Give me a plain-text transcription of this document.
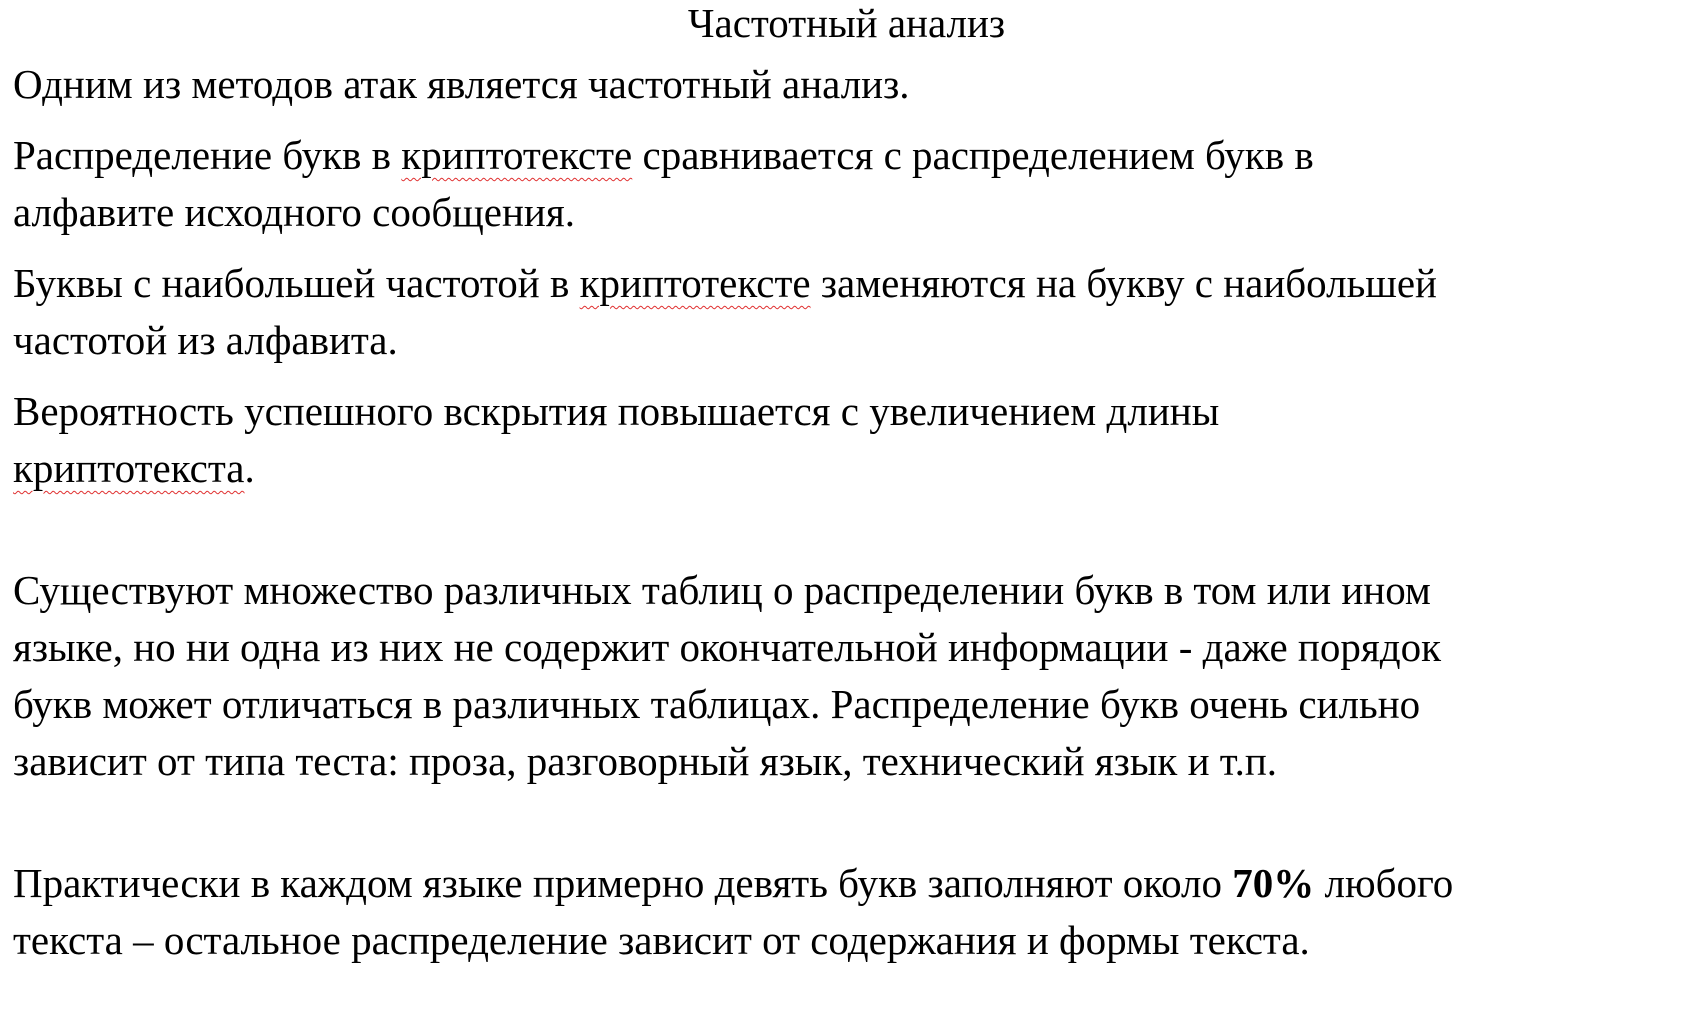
Частотный анализ

Одним из методов атак является частотный анализ.

Распределение букв в криптотексте сравнивается с распределением букв в

алфавите исходного сообщения.

Буквы с наибольшей частотой в криптотексте заменяются на букву с наибольшей

частотой из алфавита.

Вероятность успешного вскрытия повышается с увеличением длины

криптотекста.

Существуют множество различных таблиц о распределении букв в том или ином

языке, но ни одна из них не содержит окончательной информации - даже порядок

букв может отличаться в различных таблицах. Распределение букв очень сильно

зависит от типа теста: проза, разговорный язык, технический язык и т.п.

Практически в каждом языке примерно девять букв заполняют около 70% любого

текста – остальное распределение зависит от содержания и формы текста.
